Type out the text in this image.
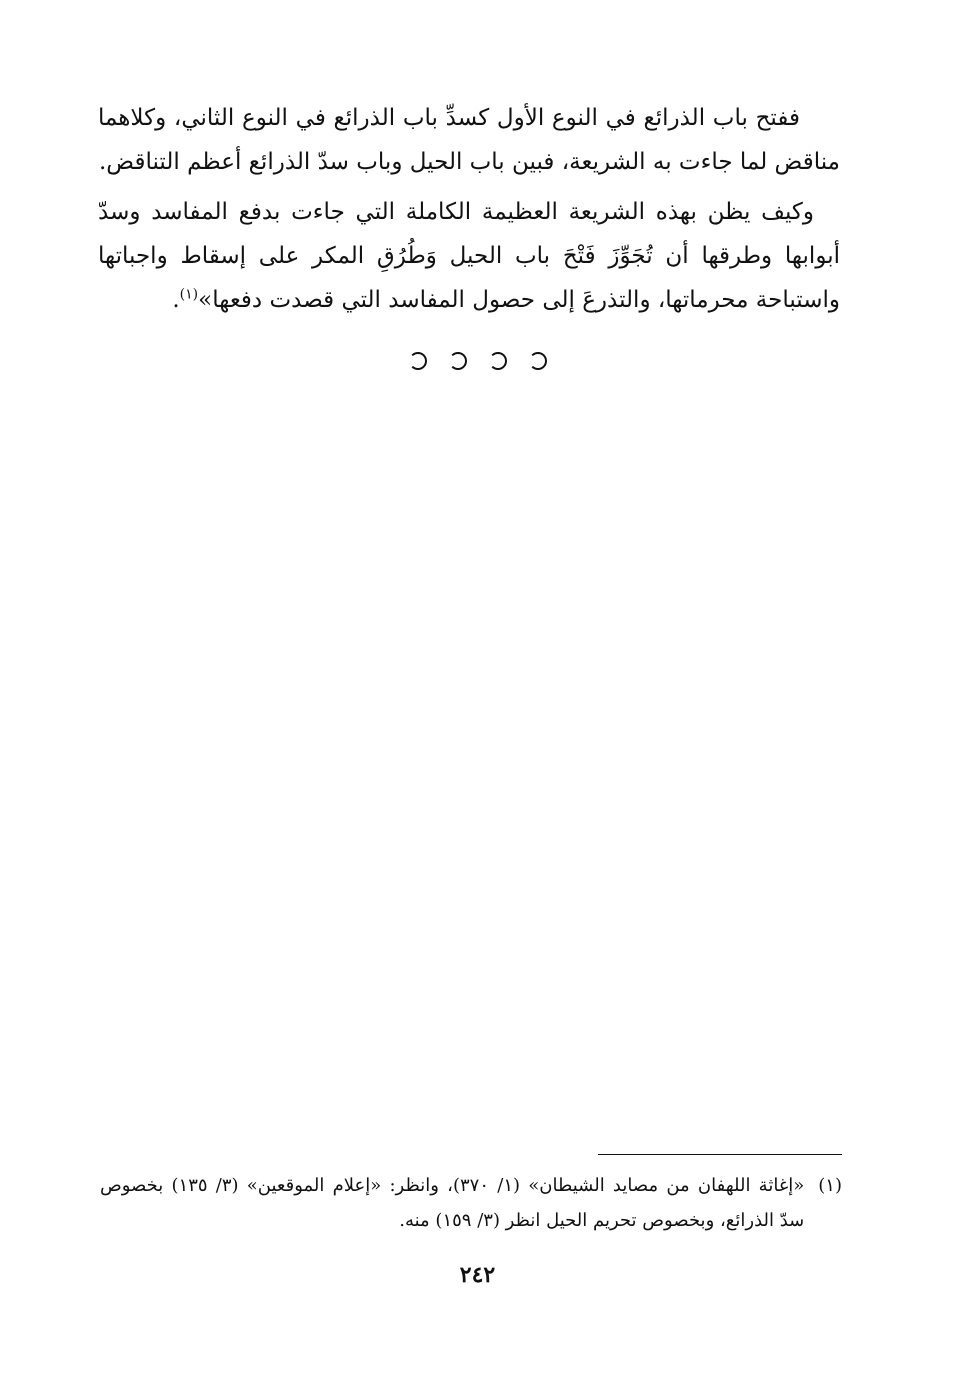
ففتح باب الذرائع في النوع الأول كسدِّ باب الذرائع في النوع الثاني، وكلاهما مناقض لما جاءت به الشريعة، فبين باب الحيل وباب سدّ الذرائع أعظم التناقض.

وكيف يظن بهذه الشريعة العظيمة الكاملة التي جاءت بدفع المفاسد وسدّ أبوابها وطرقها أن تُجَوِّزَ فَتْحَ باب الحيل وَطُرُقِ المكر على إسقاط واجباتها واستباحة محرماتها، والتذرعَ إلى حصول المفاسد التي قصدت دفعها»$^{(١)}$.

(١)
«إغاثة اللهفان من مصايد الشيطان» (١/ ٣٧٠)، وانظر: «إعلام الموقعين» (٣/ ١٣٥) بخصوص سدّ الذرائع، وبخصوص تحريم الحيل انظر (٣/ ١٥٩) منه.
٢٤٢
